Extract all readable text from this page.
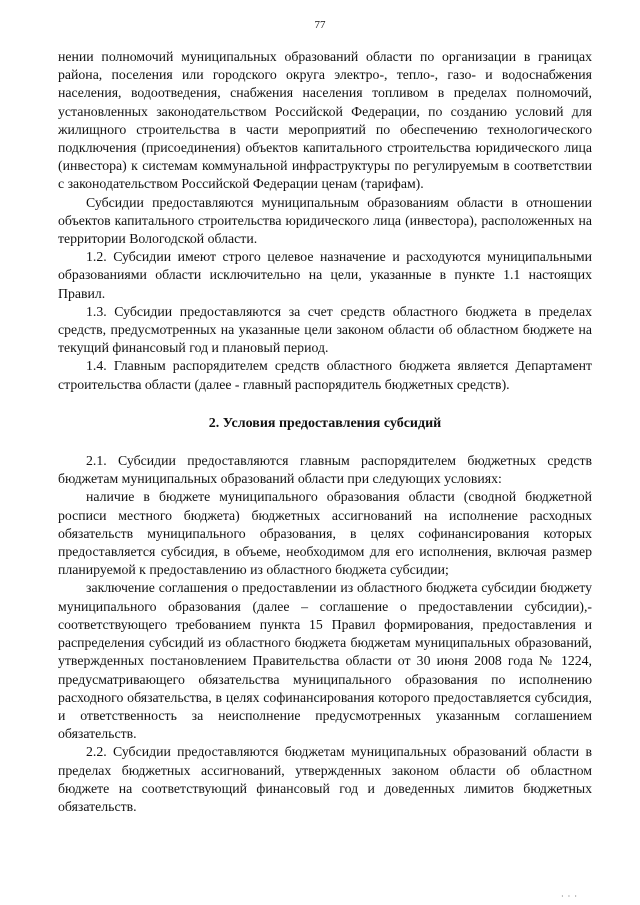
77

нении полномочий муниципальных образований области по организации в границах района, поселения или городского округа электро-, тепло-, газо- и водоснабжения населения, водоотведения, снабжения населения топливом в пределах полномочий, установленных законодательством Российской Федерации, по созданию условий для жилищного строительства в части мероприятий по обеспечению технологического подключения (присоединения) объектов капитального строительства юридического лица (инвестора) к системам коммунальной инфраструктуры по регулируемым в соответствии с законодательством Российской Федерации ценам (тарифам).

Субсидии предоставляются муниципальным образованиям области в отношении объектов капитального строительства юридического лица (инвестора), расположенных на территории Вологодской области.

1.2. Субсидии имеют строго целевое назначение и расходуются муниципальными образованиями области исключительно на цели, указанные в пункте 1.1 настоящих Правил.

1.3. Субсидии предоставляются за счет средств областного бюджета в пределах средств, предусмотренных на указанные цели законом области об областном бюджете на текущий финансовый год и плановый период.

1.4. Главным распорядителем средств областного бюджета является Департамент строительства области (далее - главный распорядитель бюджетных средств).

2. Условия предоставления субсидий

2.1. Субсидии предоставляются главным распорядителем бюджетных средств бюджетам муниципальных образований области при следующих условиях:

наличие в бюджете муниципального образования области (сводной бюджетной росписи местного бюджета) бюджетных ассигнований на исполнение расходных обязательств муниципального образования, в целях софинансирования которых предоставляется субсидия, в объеме, необходимом для его исполнения, включая размер планируемой к предоставлению из областного бюджета субсидии;

заключение соглашения о предоставлении из областного бюджета субсидии бюджету муниципального образования (далее – соглашение о предоставлении субсидии),-соответствующего требованием пункта 15 Правил формирования, предоставления и распределения субсидий из областного бюджета бюджетам муниципальных образований, утвержденных постановлением Правительства области от 30 июня 2008 года № 1224, предусматривающего обязательства муниципального образования по исполнению расходного обязательства, в целях софинансирования которого предоставляется субсидия, и ответственность за неисполнение предусмотренных указанным соглашением обязательств.

2.2. Субсидии предоставляются бюджетам муниципальных образований области в пределах бюджетных ассигнований, утвержденных законом области об областном бюджете на соответствующий финансовый год и доведенных лимитов бюджетных обязательств.

· · ·
